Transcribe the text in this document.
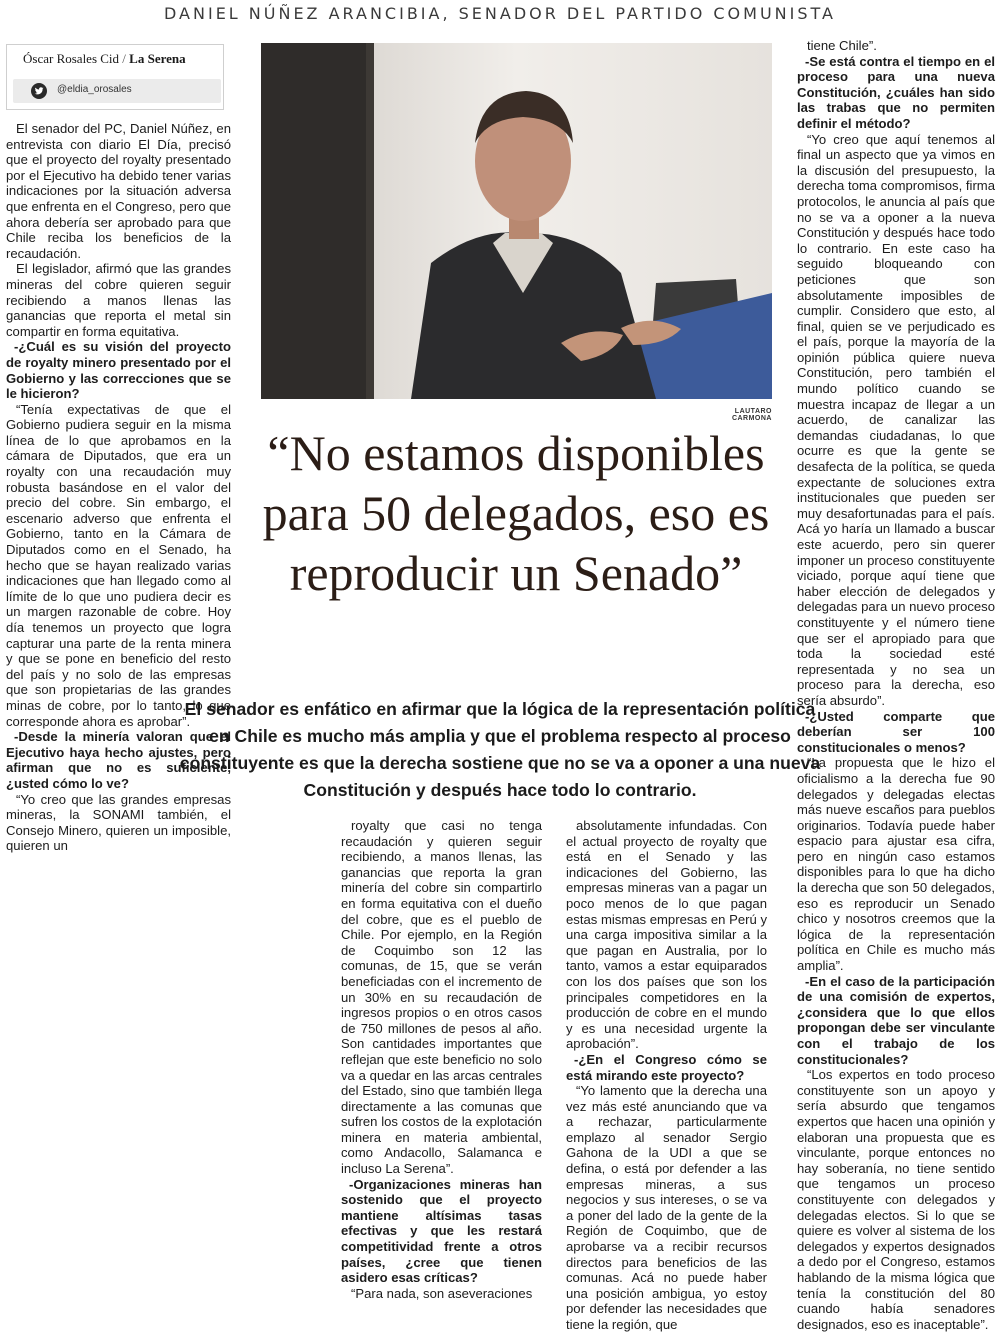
DANIEL NÚÑEZ ARANCIBIA, SENADOR DEL PARTIDO COMUNISTA
Óscar Rosales Cid / La Serena
@eldia_orosales

El senador del PC, Daniel Núñez, en entrevista con diario El Día, precisó que el proyecto del royalty presentado por el Ejecutivo ha debido tener varias indicaciones por la situación adversa que enfrenta en el Congreso, pero que ahora debería ser aprobado para que Chile reciba los beneficios de la recaudación.

El legislador, afirmó que las grandes mineras del cobre quieren seguir recibiendo a manos llenas las ganancias que reporta el metal sin compartir en forma equitativa.

- ¿Cuál es su visión del proyecto de royalty minero presentado por el Gobierno y las correcciones que se le hicieron?

“Tenía expectativas de que el Gobierno pudiera seguir en la misma línea de lo que aprobamos en la cámara de Diputados, que era un royalty con una recaudación muy robusta basándose en el valor del precio del cobre. Sin embargo, el escenario adverso que enfrenta el Gobierno, tanto en la Cámara de Diputados como en el Senado, ha hecho que se hayan realizado varias indicaciones que han llegado como al límite de lo que uno pudiera decir es un margen razonable de cobre. Hoy día tenemos un proyecto que logra capturar una parte de la renta minera y que se pone en beneficio del resto del país y no solo de las empresas que son propietarias de las grandes minas de cobre, por lo tanto, lo que corresponde ahora es aprobar”.

- Desde la minería valoran que el Ejecutivo haya hecho ajustes, pero afirman que no es suficiente, ¿usted cómo lo ve?

“Yo creo que las grandes empresas mineras, la SONAMI también, el Consejo Minero, quieren un imposible, quieren un

LAUTARO CARMONA
“No estamos disponibles para 50 delegados, eso es reproducir un Senado”
El senador es enfático en afirmar que la lógica de la representación política en Chile es mucho más amplia y que el problema respecto al proceso constituyente es que la derecha sostiene que no se va a oponer a una nueva Constitución y después hace todo lo contrario.

royalty que casi no tenga recaudación y quieren seguir recibiendo, a manos llenas, las ganancias que reporta la gran minería del cobre sin compartirlo en forma equitativa con el dueño del cobre, que es el pueblo de Chile. Por ejemplo, en la Región de Coquimbo son 12 las comunas, de 15, que se verán beneficiadas con el incremento de un 30% en su recaudación de ingresos propios o en otros casos de 750 millones de pesos al año. Son cantidades importantes que reflejan que este beneficio no solo va a quedar en las arcas centrales del Estado, sino que también llega directamente a las comunas que sufren los costos de la explotación minera en materia ambiental, como Andacollo, Salamanca e incluso La Serena”.

- Organizaciones mineras han sostenido que el proyecto mantiene altísimas tasas efectivas y que les restará competitividad frente a otros países, ¿cree que tienen asidero esas críticas?

“Para nada, son aseveraciones

absolutamente infundadas. Con el actual proyecto de royalty que está en el Senado y las indicaciones del Gobierno, las empresas mineras van a pagar un poco menos de lo que pagan estas mismas empresas en Perú y una carga impositiva similar a la que pagan en Australia, por lo tanto, vamos a estar equiparados con los dos países que son los principales competidores en la producción de cobre en el mundo y es una necesidad urgente la aprobación”.

- ¿En el Congreso cómo se está mirando este proyecto?

“Yo lamento que la derecha una vez más esté anunciando que va a rechazar, particularmente emplazo al senador Sergio Gahona de la UDI a que se defina, o está por defender a las empresas mineras, a sus negocios y sus intereses, o se va a poner del lado de la gente de la Región de Coquimbo, que de aprobarse va a recibir recursos directos para beneficios de las comunas. Acá no puede haber una posición ambigua, yo estoy por defender las necesidades que tiene la región, que

tiene Chile”.

- Se está contra el tiempo en el proceso para una nueva Constitución, ¿cuáles han sido las trabas que no permiten definir el método?

“Yo creo que aquí tenemos al final un aspecto que ya vimos en la discusión del presupuesto, la derecha toma compromisos, firma protocolos, le anuncia al país que no se va a oponer a la nueva Constitución y después hace todo lo contrario. En este caso ha seguido bloqueando con peticiones que son absolutamente imposibles de cumplir. Considero que esto, al final, quien se ve perjudicado es el país, porque la mayoría de la opinión pública quiere nueva Constitución, pero también el mundo político cuando se muestra incapaz de llegar a un acuerdo, de canalizar las demandas ciudadanas, lo que ocurre es que la gente se desafecta de la política, se queda expectante de soluciones extra institucionales que pueden ser muy desafortunadas para el país. Acá yo haría un llamado a buscar este acuerdo, pero sin querer imponer un proceso constituyente viciado, porque aquí tiene que haber elección de delegados y delegadas para un nuevo proceso constituyente y el número tiene que ser el apropiado para que toda la sociedad esté representada y no sea un proceso para la derecha, eso sería absurdo”.

- ¿Usted comparte que deberían ser 100 constitucionales o menos?

“La propuesta que le hizo el oficialismo a la derecha fue 90 delegados y delegadas electas más nueve escaños para pueblos originarios. Todavía puede haber espacio para ajustar esa cifra, pero en ningún caso estamos disponibles para lo que ha dicho la derecha que son 50 delegados, eso es reproducir un Senado chico y nosotros creemos que la lógica de la representación política en Chile es mucho más amplia”.

- En el caso de la participación de una comisión de expertos, ¿considera que lo que ellos propongan debe ser vinculante con el trabajo de los constitucionales?

“Los expertos en todo proceso constituyente son un apoyo y sería absurdo que tengamos expertos que hacen una opinión y elaboran una propuesta que es vinculante, porque entonces no hay soberanía, no tiene sentido que tengamos un proceso constituyente con delegados y delegadas electos. Si lo que se quiere es volver al sistema de los delegados y expertos designados a dedo por el Congreso, estamos hablando de la misma lógica que tenía la constitución del 80 cuando había senadores designados, eso es inaceptable”.
